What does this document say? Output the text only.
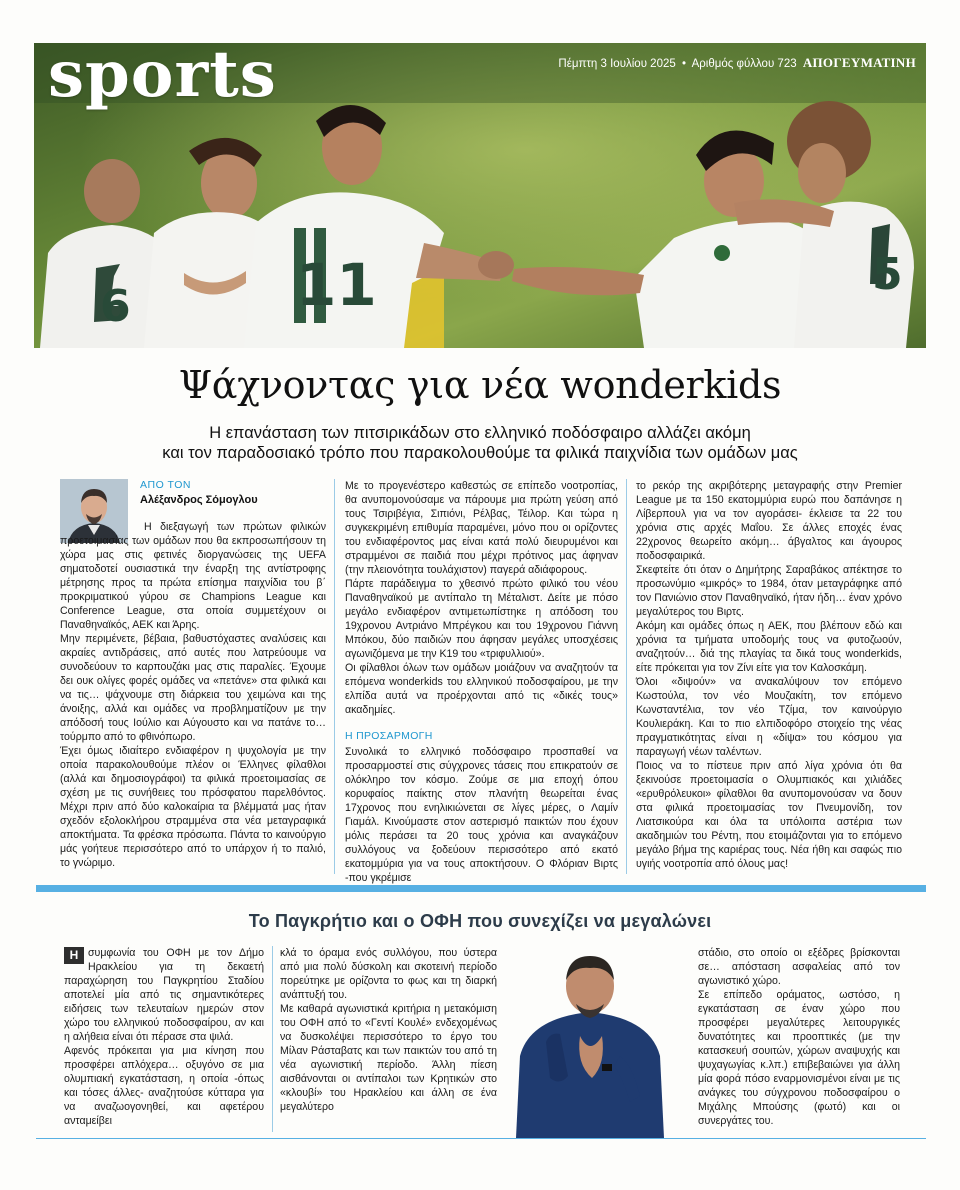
6	11	5
sports	Πέμπτη 3 Ιουλίου 2025 • Αριθμός φύλλου 723 ΑΠΟΓΕΥΜΑΤΙΝΗ
Ψάχνοντας για νέα wonderkids
Η επανάσταση των πιτσιρικάδων στο ελληνικό ποδόσφαιρο αλλάζει ακόμη
και τον παραδοσιακό τρόπο που παρακολουθούμε τα φιλικά παιχνίδια των ομάδων μας
ΑΠΟ ΤΟΝ
Αλέξανδρος Σόμογλου

Η διεξαγωγή των πρώτων φιλικών προετοιμασίας των ομάδων που θα εκπροσωπήσουν τη χώρα μας στις φετινές διοργανώσεις της UEFA σηματοδοτεί ουσιαστικά την έναρξη της αντίστροφης μέτρησης προς τα πρώτα επίσημα παιχνίδια του β΄ προκριματικού γύρου σε Champions League και Conference League, στα οποία συμμετέχουν οι Παναθηναϊκός, ΑΕΚ και Άρης.

Μην περιμένετε, βέβαια, βαθυστόχαστες αναλύσεις και ακραίες αντιδράσεις, από αυτές που λατρεύουμε να συνοδεύουν το καρπουζάκι μας στις παραλίες. Έχουμε δει ουκ ολίγες φορές ομάδες να «πετάνε» στα φιλικά και να τις… ψάχνουμε στη διάρκεια του χειμώνα και της άνοιξης, αλλά και ομάδες να προβληματίζουν με την απόδοσή τους Ιούλιο και Αύγουστο και να πατάνε το… τούρμπο από το φθινόπωρο.

Έχει όμως ιδιαίτερο ενδιαφέρον η ψυχολογία με την οποία παρακολουθούμε πλέον οι Έλληνες φίλαθλοι (αλλά και δημοσιογράφοι) τα φιλικά προετοιμασίας σε σχέση με τις συνήθειες του πρόσφατου παρελθόντος. Μέχρι πριν από δύο καλοκαίρια τα βλέμματά μας ήταν σχεδόν εξολοκλήρου στραμμένα στα νέα μεταγραφικά αποκτήματα. Τα φρέσκα πρόσωπα. Πάντα το καινούργιο μάς γοήτευε περισσότερο από το υπάρχον ή το παλιό, το γνώριμο.

Με το προγενέστερο καθεστώς σε επίπεδο νοοτροπίας, θα ανυπομονούσαμε να πάρουμε μια πρώτη γεύση από τους Τσιριβέγια, Σιπιόνι, Ρέλβας, Τέιλορ. Και τώρα η συγκεκριμένη επιθυμία παραμένει, μόνο που οι ορίζοντες του ενδιαφέροντος μας είναι κατά πολύ διευρυμένοι και στραμμένοι σε παιδιά που μέχρι πρότινος μας άφηναν (την πλειονότητα τουλάχιστον) παγερά αδιάφορους.

Πάρτε παράδειγμα το χθεσινό πρώτο φιλικό του νέου Παναθηναϊκού με αντίπαλο τη Μέταλιστ. Δείτε με πόσο μεγάλο ενδιαφέρον αντιμετωπίστηκε η απόδοση του 19χρονου Αντριάνο Μπρέγκου και του 19χρονου Γιάννη Μπόκου, δύο παιδιών που άφησαν μεγάλες υποσχέσεις αγωνιζόμενα με την Κ19 του «τριφυλλιού».

Οι φίλαθλοι όλων των ομάδων μοιάζουν να αναζητούν τα επόμενα wonderkids του ελληνικού ποδοσφαίρου, με την ελπίδα αυτά να προέρχονται από τις «δικές τους» ακαδημίες.

Η ΠΡΟΣΑΡΜΟΓΗ

Συνολικά το ελληνικό ποδόσφαιρο προσπαθεί να προσαρμοστεί στις σύγχρονες τάσεις που επικρατούν σε ολόκληρο τον κόσμο. Ζούμε σε μια εποχή όπου κορυφαίος παίκτης στον πλανήτη θεωρείται ένας 17χρονος που ενηλικιώνεται σε λίγες μέρες, ο Λαμίν Γιαμάλ. Κινούμαστε στον αστερισμό παικτών που έχουν μόλις περάσει τα 20 τους χρόνια και αναγκάζουν συλλόγους να ξοδεύουν περισσότερο από εκατό εκατομμύρια για να τους αποκτήσουν. Ο Φλόριαν Βιρτς -που γκρέμισε

το ρεκόρ της ακριβότερης μεταγραφής στην Premier League με τα 150 εκατομμύρια ευρώ που δαπάνησε η Λίβερπουλ για να τον αγοράσει- έκλεισε τα 22 του χρόνια στις αρχές Μαΐου. Σε άλλες εποχές ένας 22χρονος θεωρείτο ακόμη… άβγαλτος και άγουρος ποδοσφαιρικά.

Σκεφτείτε ότι όταν ο Δημήτρης Σαραβάκος απέκτησε το προσωνύμιο «μικρός» το 1984, όταν μεταγράφηκε από τον Πανιώνιο στον Παναθηναϊκό, ήταν ήδη… έναν χρόνο μεγαλύτερος του Βιρτς.

Ακόμη και ομάδες όπως η ΑΕΚ, που βλέπουν εδώ και χρόνια τα τμήματα υποδομής τους να φυτοζωούν, αναζητούν… διά της πλαγίας τα δικά τους wonderkids, είτε πρόκειται για τον Ζίνι είτε για τον Καλοσκάμη.

Όλοι «διψούν» να ανακαλύψουν τον επόμενο Κωστούλα, τον νέο Μουζακίτη, τον επόμενο Κωνσταντέλια, τον νέο Τζίμα, τον καινούργιο Κουλιεράκη. Και το πιο ελπιδοφόρο στοιχείο της νέας πραγματικότητας είναι η «δίψα» του κόσμου για παραγωγή νέων ταλέντων.

Ποιος να το πίστευε πριν από λίγα χρόνια ότι θα ξεκινούσε προετοιμασία ο Ολυμπιακός και χιλιάδες «ερυθρόλευκοι» φίλαθλοι θα ανυπομονούσαν να δουν στα φιλικά προετοιμασίας τον Πνευμονίδη, τον Λιατσικούρα και όλα τα υπόλοιπα αστέρια των ακαδημιών του Ρέντη, που ετοιμάζονται για το επόμενο μεγάλο βήμα της καριέρας τους. Νέα ήθη και σαφώς πιο υγιής νοοτροπία από όλους μας!

Το Παγκρήτιο και ο ΟΦΗ που συνεχίζει να μεγαλώνει

Η συμφωνία του ΟΦΗ με τον Δήμο Ηρακλείου για τη δεκαετή παραχώρηση του Παγκρητίου Σταδίου αποτελεί μία από τις σημαντικότερες ειδήσεις των τελευταίων ημερών στον χώρο του ελληνικού ποδοσφαίρου, αν και η αλήθεια είναι ότι πέρασε στα ψιλά.

Αφενός πρόκειται για μια κίνηση που προσφέρει απλόχερα… οξυγόνο σε μια ολυμπιακή εγκατάσταση, η οποία -όπως και τόσες άλλες- αναζητούσε κύτταρα για να αναζωογονηθεί, και αφετέρου ανταμείβει

κλά το όραμα ενός συλλόγου, που ύστερα από μια πολύ δύσκολη και σκοτεινή περίοδο πορεύτηκε με ορίζοντα το φως και τη διαρκή ανάπτυξή του.

Με καθαρά αγωνιστικά κριτήρια η μετακόμιση του ΟΦΗ από το «Γεντί Κουλέ» ενδεχομένως να δυσκολέψει περισσότερο το έργο του Μίλαν Ράσταβατς και των παικτών του από τη νέα αγωνιστική περίοδο. Άλλη πίεση αισθάνονται οι αντίπαλοι των Κρητικών στο «κλουβί» του Ηρακλείου και άλλη σε ένα μεγαλύτερο

στάδιο, στο οποίο οι εξέδρες βρίσκονται σε… απόσταση ασφαλείας από τον αγωνιστικό χώρο.

Σε επίπεδο οράματος, ωστόσο, η εγκατάσταση σε έναν χώρο που προσφέρει μεγαλύτερες λειτουργικές δυνατότητες και προοπτικές (με την κατασκευή σουιτών, χώρων αναψυχής και ψυχαγωγίας κ.λπ.) επιβεβαιώνει για άλλη μία φορά πόσο εναρμονισμένοι είναι με τις ανάγκες του σύγχρονου ποδοσφαίρου ο Μιχάλης Μπούσης (φωτό) και οι συνεργάτες του.
